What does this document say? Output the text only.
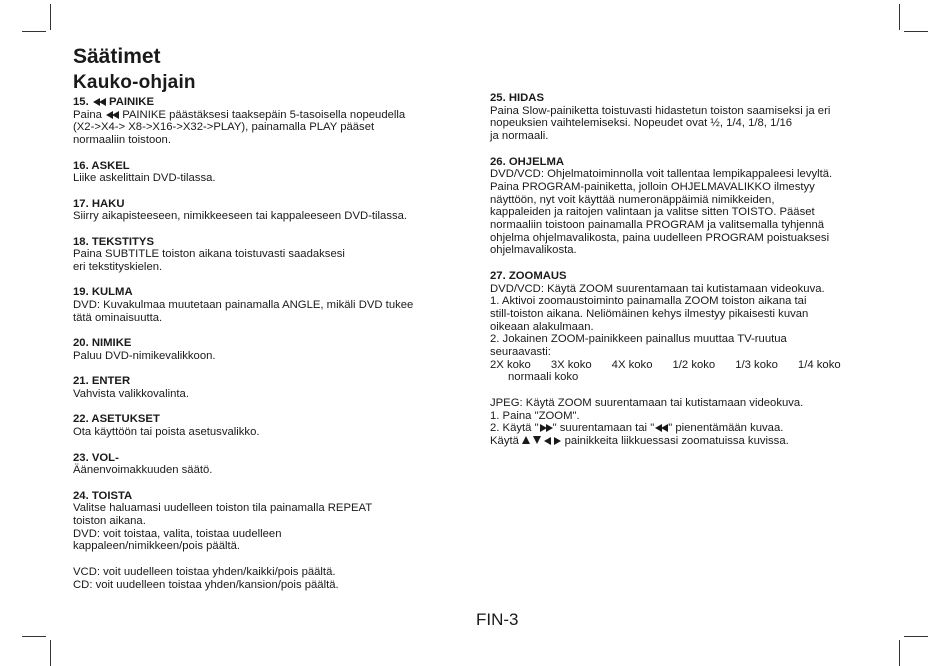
Säätimet
Kauko-ohjain
15. PAINIKE
Paina PAINIKE päästäksesi taaksepäin 5-tasoisella nopeudella
(X2->X4-> X8->X16->X32->PLAY), painamalla PLAY pääset
normaaliin toistoon.
16. ASKEL
Liike askelittain DVD-tilassa.
17. HAKU
Siirry aikapisteeseen, nimikkeeseen tai kappaleeseen DVD-tilassa.
18. TEKSTITYS
Paina SUBTITLE toiston aikana toistuvasti saadaksesi
eri tekstityskielen.
19. KULMA
DVD: Kuvakulmaa muutetaan painamalla ANGLE, mikäli DVD tukee
tätä ominaisuutta.
20. NIMIKE
Paluu DVD-nimikevalikkoon.
21. ENTER
Vahvista valikkovalinta.
22. ASETUKSET
Ota käyttöön tai poista asetusvalikko.
23. VOL-
Äänenvoimakkuuden säätö.
24. TOISTA
Valitse haluamasi uudelleen toiston tila painamalla REPEAT
toiston aikana.
DVD: voit toistaa, valita, toistaa uudelleen
kappaleen/nimikkeen/pois päältä.
VCD: voit uudelleen toistaa yhden/kaikki/pois päältä.
CD: voit uudelleen toistaa yhden/kansion/pois päältä.
25. HIDAS
Paina Slow-painiketta toistuvasti hidastetun toiston saamiseksi ja eri
nopeuksien vaihtelemiseksi. Nopeudet ovat ½, 1/4, 1/8, 1/16
ja normaali.
26. OHJELMA
DVD/VCD: Ohjelmatoiminnolla voit tallentaa lempikappaleesi levyltä.
Paina PROGRAM-painiketta, jolloin OHJELMAVALIKKO ilmestyy
näyttöön, nyt voit käyttää numeronäppäimiä nimikkeiden,
kappaleiden ja raitojen valintaan ja valitse sitten TOISTO. Pääset
normaaliin toistoon painamalla PROGRAM ja valitsemalla tyhjennä
ohjelma ohjelmavalikosta, paina uudelleen PROGRAM poistuaksesi
ohjelmavalikosta.
27. ZOOMAUS
DVD/VCD: Käytä ZOOM suurentamaan tai kutistamaan videokuva.
1. Aktivoi zoomaustoiminto painamalla ZOOM toiston aikana tai
still-toiston aikana. Neliömäinen kehys ilmestyy pikaisesti kuvan
oikeaan alakulmaan.
2. Jokainen ZOOM-painikkeen painallus muuttaa TV-ruutua
seuraavasti:
2X koko 3X koko 4X koko 1/2 koko 1/3 koko 1/4 koko
normaali koko
JPEG: Käytä ZOOM suurentamaan tai kutistamaan videokuva.
1. Paina "ZOOM".
2. Käytä " " suurentamaan tai " " pienentämään kuvaa.
Käytä	painikkeita liikkuessasi zoomatuissa kuvissa.
FIN-3
